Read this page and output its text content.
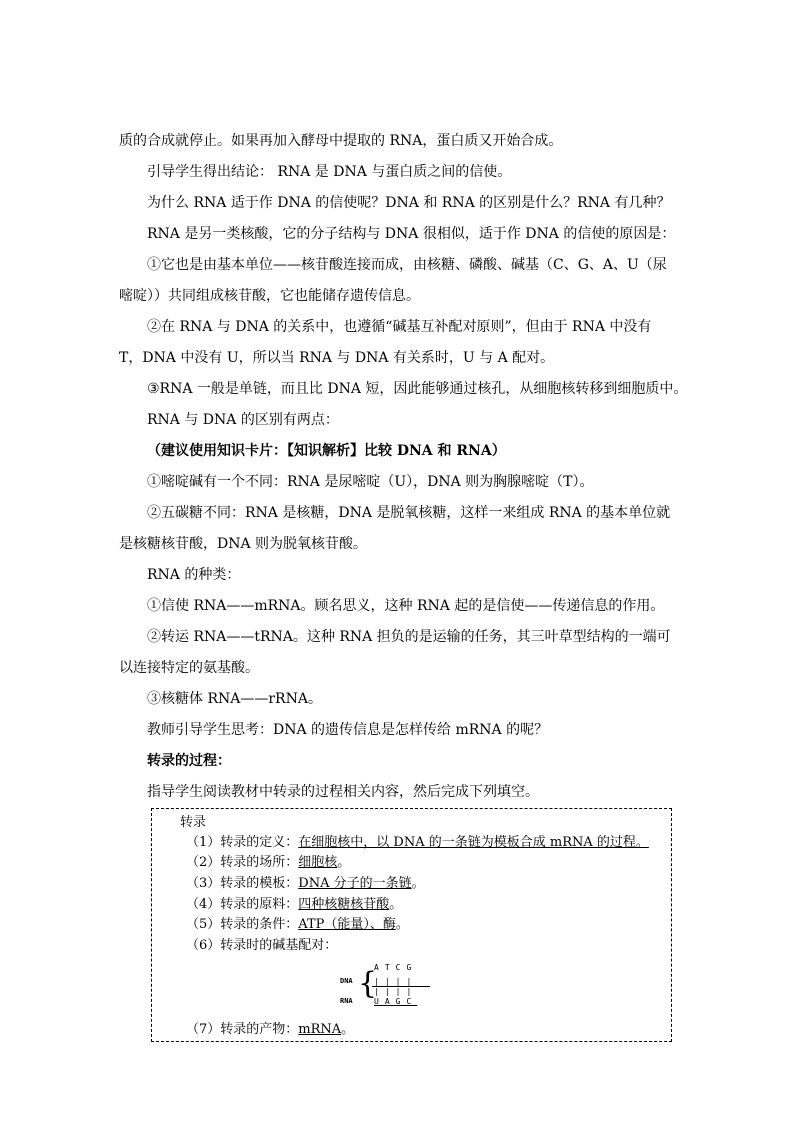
质的合成就停止。如果再加入酵母中提取的 RNA，蛋白质又开始合成。
引导学生得出结论： RNA 是 DNA 与蛋白质之间的信使。
为什么 RNA 适于作 DNA 的信使呢？DNA 和 RNA 的区别是什么？RNA 有几种？
RNA 是另一类核酸，它的分子结构与 DNA 很相似，适于作 DNA 的信使的原因是：
①它也是由基本单位——核苷酸连接而成，由核糖、磷酸、碱基（C、G、A、U（尿嘧啶））共同组成核苷酸，它也能储存遗传信息。
②在 RNA 与 DNA 的关系中，也遵循“碱基互补配对原则”，但由于 RNA 中没有 T，DNA 中没有 U，所以当 RNA 与 DNA 有关系时，U 与 A 配对。
③RNA 一般是单链，而且比 DNA 短，因此能够通过核孔，从细胞核转移到细胞质中。
RNA 与 DNA 的区别有两点：
（建议使用知识卡片：【知识解析】比较 DNA 和 RNA）
①嘧啶碱有一个不同：RNA 是尿嘧啶（U），DNA 则为胸腺嘧啶（T）。
②五碳糖不同：RNA 是核糖，DNA 是脱氧核糖，这样一来组成 RNA 的基本单位就是核糖核苷酸，DNA 则为脱氧核苷酸。
RNA 的种类：
①信使 RNA——mRNA。顾名思义，这种 RNA 起的是信使——传递信息的作用。
②转运 RNA——tRNA。这种 RNA 担负的是运输的任务，其三叶草型结构的一端可以连接特定的氨基酸。
③核糖体 RNA——rRNA。
教师引导学生思考：DNA 的遗传信息是怎样传给 mRNA 的呢？
转录的过程：
指导学生阅读教材中转录的过程相关内容，然后完成下列填空。
转录
（1）转录的定义：在细胞核中，以 DNA 的一条链为模板合成 mRNA 的过程。
（2）转录的场所：细胞核。
（3）转录的模板：DNA 分子的一条链。
（4）转录的原料：四种核糖核苷酸。
（5）转录的条件：ATP（能量）、酶。
（6）转录时的碱基配对：
DNA
RNA {
ATCG
||||
||||
UAGC
（7）转录的产物：mRNA。
